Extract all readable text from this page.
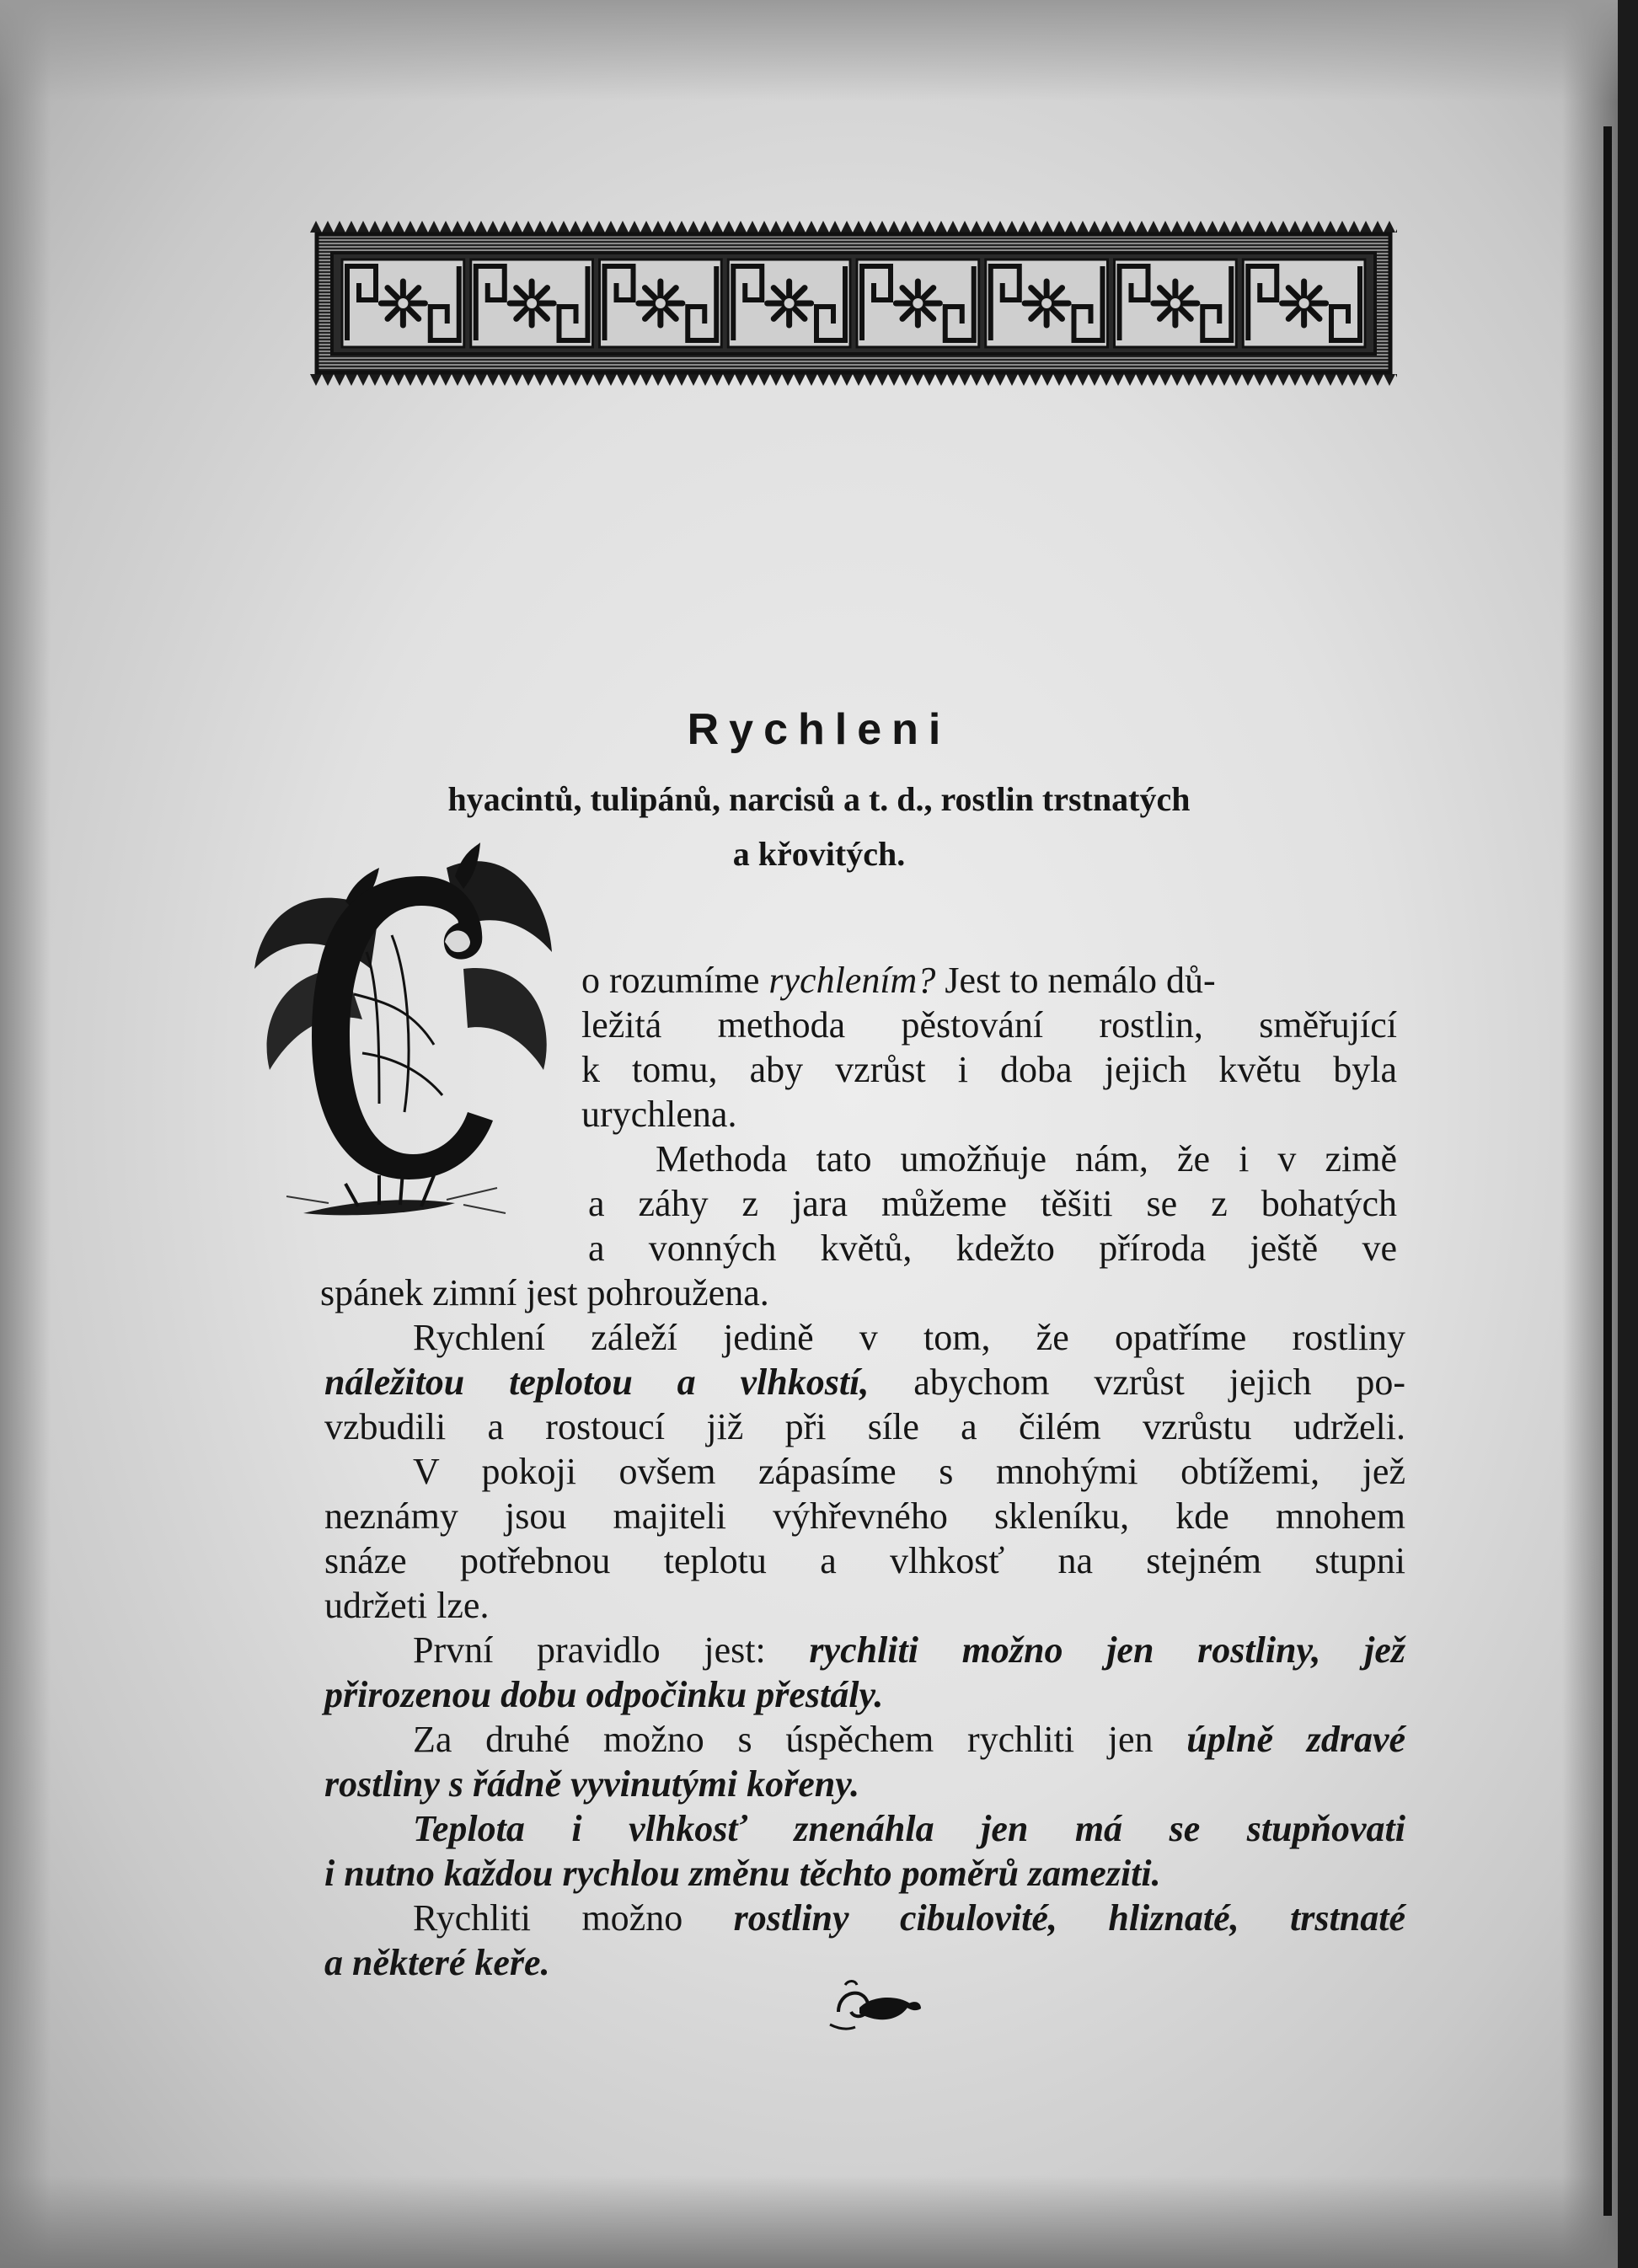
Rychleni
hyacintů, tulipánů, narcisů a t. d., rostlin trstnatých
a křovitých.
o rozumíme rychlením? Jest to nemálo dů-
ležitá methoda pěstování rostlin, směřující
k tomu, aby vzrůst i doba jejich květu byla
urychlena.
Methoda tato umožňuje nám, že i v zimě
a záhy z jara můžeme těšiti se z bohatých
a vonných květů, kdežto příroda ještě ve
spánek zimní jest pohroužena.
Rychlení záleží jedině v tom, že opatříme rostliny
náležitou teplotou a vlhkostí, abychom vzrůst jejich po-
vzbudili a rostoucí již při síle a čilém vzrůstu udrželi.
V pokoji ovšem zápasíme s mnohými obtížemi, jež
neznámy jsou majiteli výhřevného skleníku, kde mnohem
snáze potřebnou teplotu a vlhkosť na stejném stupni
udržeti lze.
První pravidlo jest: rychliti možno jen rostliny, jež
přirozenou dobu odpočinku přestály.
Za druhé možno s úspěchem rychliti jen úplně zdravé
rostliny s řádně vyvinutými kořeny.
Teplota i vlhkosť znenáhla jen má se stupňovati
i nutno každou rychlou změnu těchto poměrů zameziti.
Rychliti možno rostliny cibulovité, hliznaté, trstnaté
a některé keře.
